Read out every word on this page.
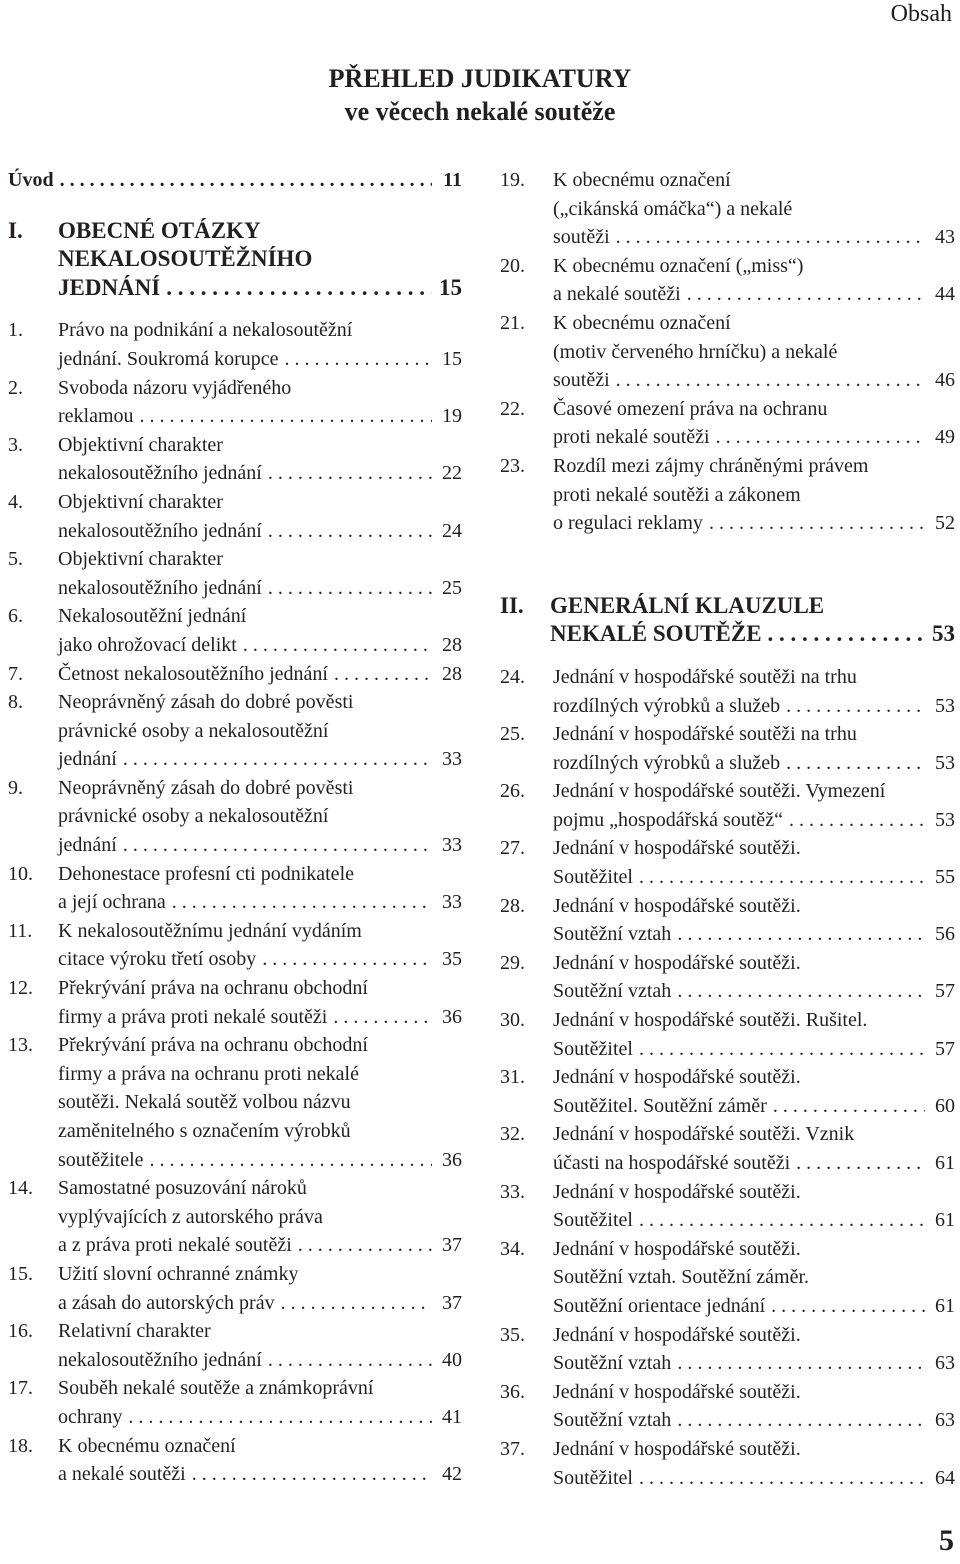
Obsah
PŘEHLED JUDIKATURY
ve věcech nekalé soutěže
Úvod . . .	11
I. OBECNÉ OTÁZKY
NEKALOSOUTĚŽNÍHO
JEDNÁNÍ . . .	15
1. Právo na podnikání a nekalosoutěžní
jednání. Soukromá korupce . . .	15
2. Svoboda názoru vyjádřeného
reklamou . . .	19
3. Objektivní charakter
nekalosoutěžního jednání . . .	22
4. Objektivní charakter
nekalosoutěžního jednání . . .	24
5. Objektivní charakter
nekalosoutěžního jednání . . .	25
6. Nekalosoutěžní jednání
jako ohrožovací delikt . . .	28
7. Četnost nekalosoutěžního jednání . . .	28
8. Neoprávněný zásah do dobré pověsti
právnické osoby a nekalosoutěžní
jednání . . .	33
9. Neoprávněný zásah do dobré pověsti
právnické osoby a nekalosoutěžní
jednání . . .	33
10. Dehonestace profesní cti podnikatele
a její ochrana . . .	33
11. K nekalosoutěžnímu jednání vydáním
citace výroku třetí osoby . . .	35
12. Překrývání práva na ochranu obchodní
firmy a práva proti nekalé soutěži . . .	36
13. Překrývání práva na ochranu obchodní
firmy a práva na ochranu proti nekalé
soutěži. Nekalá soutěž volbou názvu
zaměnitelného s označením výrobků
soutěžitele . . .	36
14. Samostatné posuzování nároků
vyplývajících z autorského práva
a z práva proti nekalé soutěži . . .	37
15. Užití slovní ochranné známky
a zásah do autorských práv . . .	37
16. Relativní charakter
nekalosoutěžního jednání . . .	40
17. Souběh nekalé soutěže a známkoprávní
ochrany . . .	41
18. K obecnému označení
a nekalé soutěži . . .	42
19. K obecnému označení
(„cikánská omáčka“) a nekalé
soutěži . . .	43
20. K obecnému označení („miss“)
a nekalé soutěži . . .	44
21. K obecnému označení
(motiv červeného hrníčku) a nekalé
soutěži . . .	46
22. Časové omezení práva na ochranu
proti nekalé soutěži . . .	49
23. Rozdíl mezi zájmy chráněnými právem
proti nekalé soutěži a zákonem
o regulaci reklamy . . .	52
II. GENERÁLNÍ KLAUZULE
NEKALÉ SOUTĚŽE . . .	53
24. Jednání v hospodářské soutěži na trhu
rozdílných výrobků a služeb . . .	53
25. Jednání v hospodářské soutěži na trhu
rozdílných výrobků a služeb . . .	53
26. Jednání v hospodářské soutěži. Vymezení
pojmu „hospodářská soutěž“ . . .	53
27. Jednání v hospodářské soutěži.
Soutěžitel . . .	55
28. Jednání v hospodářské soutěži.
Soutěžní vztah . . .	56
29. Jednání v hospodářské soutěži.
Soutěžní vztah . . .	57
30. Jednání v hospodářské soutěži. Rušitel.
Soutěžitel . . .	57
31. Jednání v hospodářské soutěži.
Soutěžitel. Soutěžní záměr . . .	60
32. Jednání v hospodářské soutěži. Vznik
účasti na hospodářské soutěži . . .	61
33. Jednání v hospodářské soutěži.
Soutěžitel . . .	61
34. Jednání v hospodářské soutěži.
Soutěžní vztah. Soutěžní záměr.
Soutěžní orientace jednání . . .	61
35. Jednání v hospodářské soutěži.
Soutěžní vztah . . .	63
36. Jednání v hospodářské soutěži.
Soutěžní vztah . . .	63
37. Jednání v hospodářské soutěži.
Soutěžitel . . .	64
5
